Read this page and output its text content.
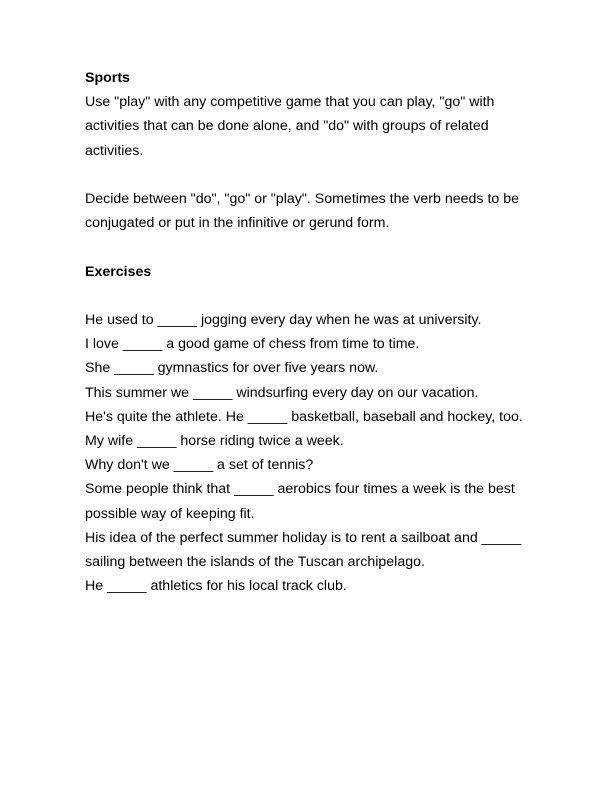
Sports

Use "play" with any competitive game that you can play, "go" with activities that can be done alone, and "do" with groups of related activities.

Decide between "do", "go" or "play". Sometimes the verb needs to be conjugated or put in the infinitive or gerund form.

Exercises

He used to _____ jogging every day when he was at university.
I love _____ a good game of chess from time to time.
She _____ gymnastics for over five years now.
This summer we _____ windsurfing every day on our vacation.
He's quite the athlete. He _____ basketball, baseball and hockey, too.
My wife _____ horse riding twice a week.
Why don't we _____ a set of tennis?
Some people think that _____ aerobics four times a week is the best possible way of keeping fit.
His idea of the perfect summer holiday is to rent a sailboat and _____ sailing between the islands of the Tuscan archipelago.
He _____ athletics for his local track club.
